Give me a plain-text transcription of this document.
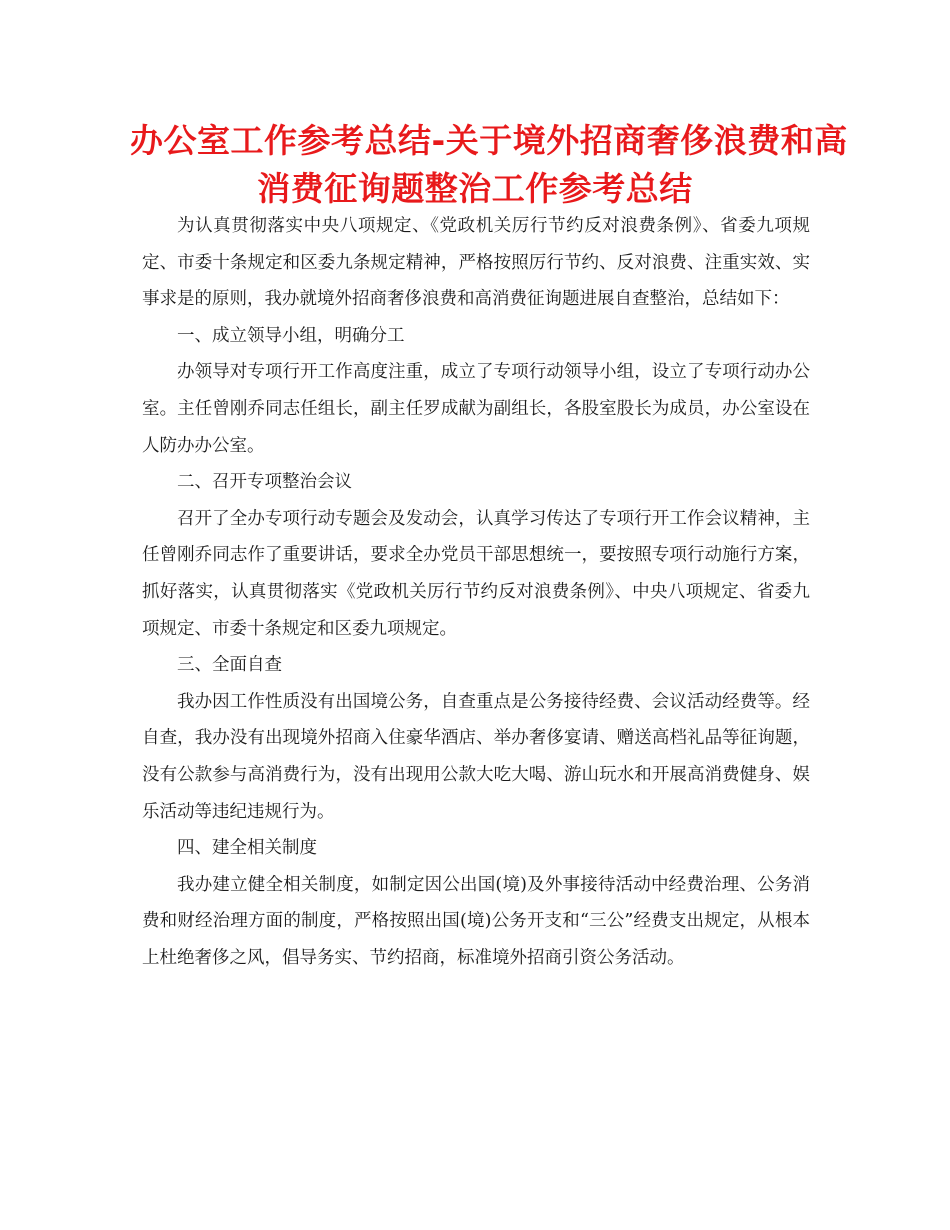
办公室工作参考总结-关于境外招商奢侈浪费和高
消费征询题整治工作参考总结

为认真贯彻落实中央八项规定、《党政机关厉行节约反对浪费条例》、省委九项规定、市委十条规定和区委九条规定精神，严格按照厉行节约、反对浪费、注重实效、实事求是的原则，我办就境外招商奢侈浪费和高消费征询题进展自查整治，总结如下：

一、成立领导小组，明确分工

办领导对专项行开工作高度注重，成立了专项行动领导小组，设立了专项行动办公室。主任曾刚乔同志任组长，副主任罗成献为副组长，各股室股长为成员，办公室设在人防办办公室。

二、召开专项整治会议

召开了全办专项行动专题会及发动会，认真学习传达了专项行开工作会议精神，主任曾刚乔同志作了重要讲话，要求全办党员干部思想统一，要按照专项行动施行方案，抓好落实，认真贯彻落实《党政机关厉行节约反对浪费条例》、中央八项规定、省委九项规定、市委十条规定和区委九项规定。

三、全面自查

我办因工作性质没有出国境公务，自查重点是公务接待经费、会议活动经费等。经自查，我办没有出现境外招商入住豪华酒店、举办奢侈宴请、赠送高档礼品等征询题，没有公款参与高消费行为，没有出现用公款大吃大喝、游山玩水和开展高消费健身、娱乐活动等违纪违规行为。

四、建全相关制度

我办建立健全相关制度，如制定因公出国(境)及外事接待活动中经费治理、公务消费和财经治理方面的制度，严格按照出国(境)公务开支和“三公”经费支出规定，从根本上杜绝奢侈之风，倡导务实、节约招商，标准境外招商引资公务活动。
